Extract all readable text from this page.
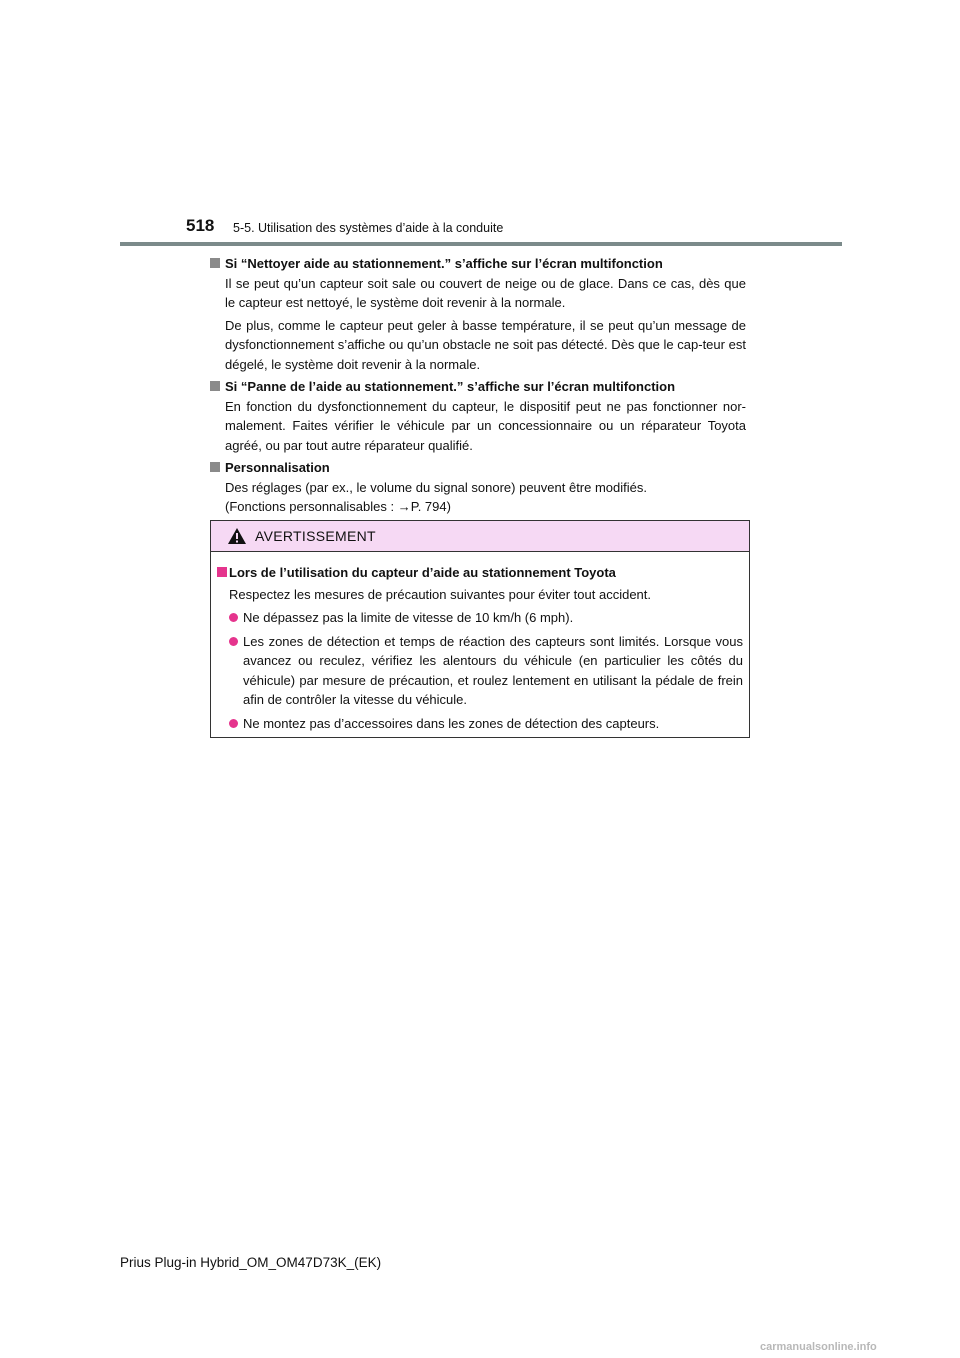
518 5-5. Utilisation des systèmes d’aide à la conduite

Si “Nettoyer aide au stationnement.” s’affiche sur l’écran multifonction

Il se peut qu’un capteur soit sale ou couvert de neige ou de glace. Dans ce cas, dès que le capteur est nettoyé, le système doit revenir à la normale.

De plus, comme le capteur peut geler à basse température, il se peut qu’un message de dysfonctionnement s’affiche ou qu’un obstacle ne soit pas détecté. Dès que le cap-teur est dégelé, le système doit revenir à la normale.

Si “Panne de l’aide au stationnement.” s’affiche sur l’écran multifonction

En fonction du dysfonctionnement du capteur, le dispositif peut ne pas fonctionner nor-malement. Faites vérifier le véhicule par un concessionnaire ou un réparateur Toyota agréé, ou par tout autre réparateur qualifié.

Personnalisation

Des réglages (par ex., le volume du signal sonore) peuvent être modifiés.

(Fonctions personnalisables : →P. 794)

AVERTISSEMENT

Lors de l’utilisation du capteur d’aide au stationnement Toyota

Respectez les mesures de précaution suivantes pour éviter tout accident.

Ne dépassez pas la limite de vitesse de 10 km/h (6 mph).

Les zones de détection et temps de réaction des capteurs sont limités. Lorsque vous avancez ou reculez, vérifiez les alentours du véhicule (en particulier les côtés du véhicule) par mesure de précaution, et roulez lentement en utilisant la pédale de frein afin de contrôler la vitesse du véhicule.

Ne montez pas d’accessoires dans les zones de détection des capteurs.

Prius Plug-in Hybrid_OM_OM47D73K_(EK)
carmanualsonline.info
